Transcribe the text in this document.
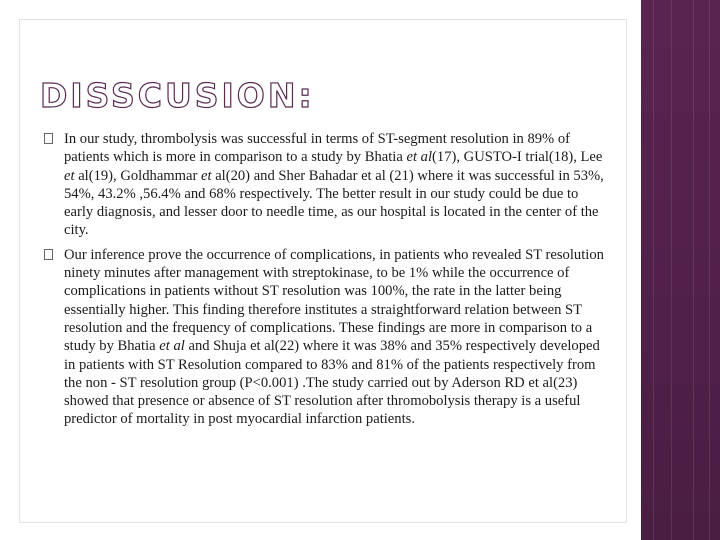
DISSCUSION:
In our study, thrombolysis was successful in terms of ST-segment resolution in 89% of patients which is more in comparison to a study by Bhatia et al(17), GUSTO-I trial(18), Lee et al(19), Goldhammar et al(20) and Sher Bahadar et al (21) where it was successful in 53%, 54%, 43.2% ,56.4% and 68% respectively. The better result in our study could be due to early diagnosis, and lesser door to needle time, as our hospital is located in the center of the city.
Our inference prove the occurrence of complications, in patients who revealed ST resolution ninety minutes after management with streptokinase, to be 1% while the occurrence of complications in patients without ST resolution was 100%, the rate in the latter being essentially higher. This finding therefore institutes a straightforward relation between ST resolution and the frequency of complications. These findings are more in comparison to a study by Bhatia et al and Shuja et al(22) where it was 38% and 35% respectively developed in patients with ST Resolution compared to 83% and 81% of the patients respectively from the non - ST resolution group (P<0.001) .The study carried out by Aderson RD et al(23) showed that presence or absence of ST resolution after thromobolysis therapy is a useful predictor of mortality in post myocardial infarction patients.
